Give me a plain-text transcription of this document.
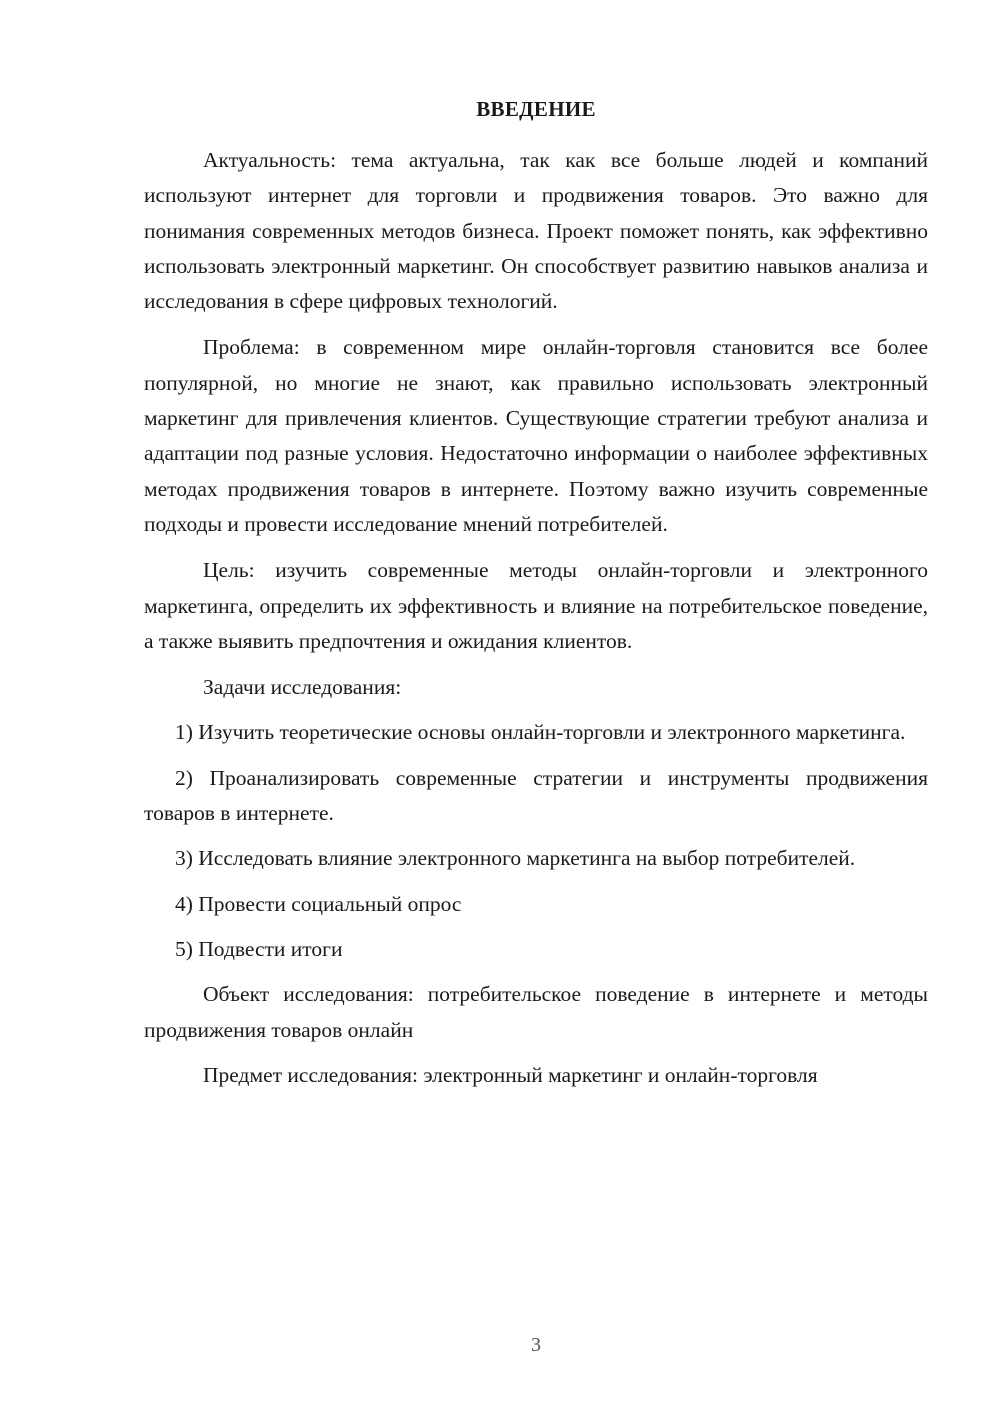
ВВЕДЕНИЕ

Актуальность: тема актуальна, так как все больше людей и компаний используют интернет для торговли и продвижения товаров. Это важно для понимания современных методов бизнеса. Проект поможет понять, как эффективно использовать электронный маркетинг. Он способствует развитию навыков анализа и исследования в сфере цифровых технологий.

Проблема: в современном мире онлайн-торговля становится все более популярной, но многие не знают, как правильно использовать электронный маркетинг для привлечения клиентов. Существующие стратегии требуют анализа и адаптации под разные условия. Недостаточно информации о наиболее эффективных методах продвижения товаров в интернете. Поэтому важно изучить современные подходы и провести исследование мнений потребителей.

Цель: изучить современные методы онлайн-торговли и электронного маркетинга, определить их эффективность и влияние на потребительское поведение, а также выявить предпочтения и ожидания клиентов.

Задачи исследования:

1) Изучить теоретические основы онлайн-торговли и электронного маркетинга.

2) Проанализировать современные стратегии и инструменты продвижения товаров в интернете.

3) Исследовать влияние электронного маркетинга на выбор потребителей.

4) Провести социальный опрос

5) Подвести итоги

Объект исследования: потребительское поведение в интернете и методы продвижения товаров онлайн

Предмет исследования: электронный маркетинг и онлайн-торговля

3
